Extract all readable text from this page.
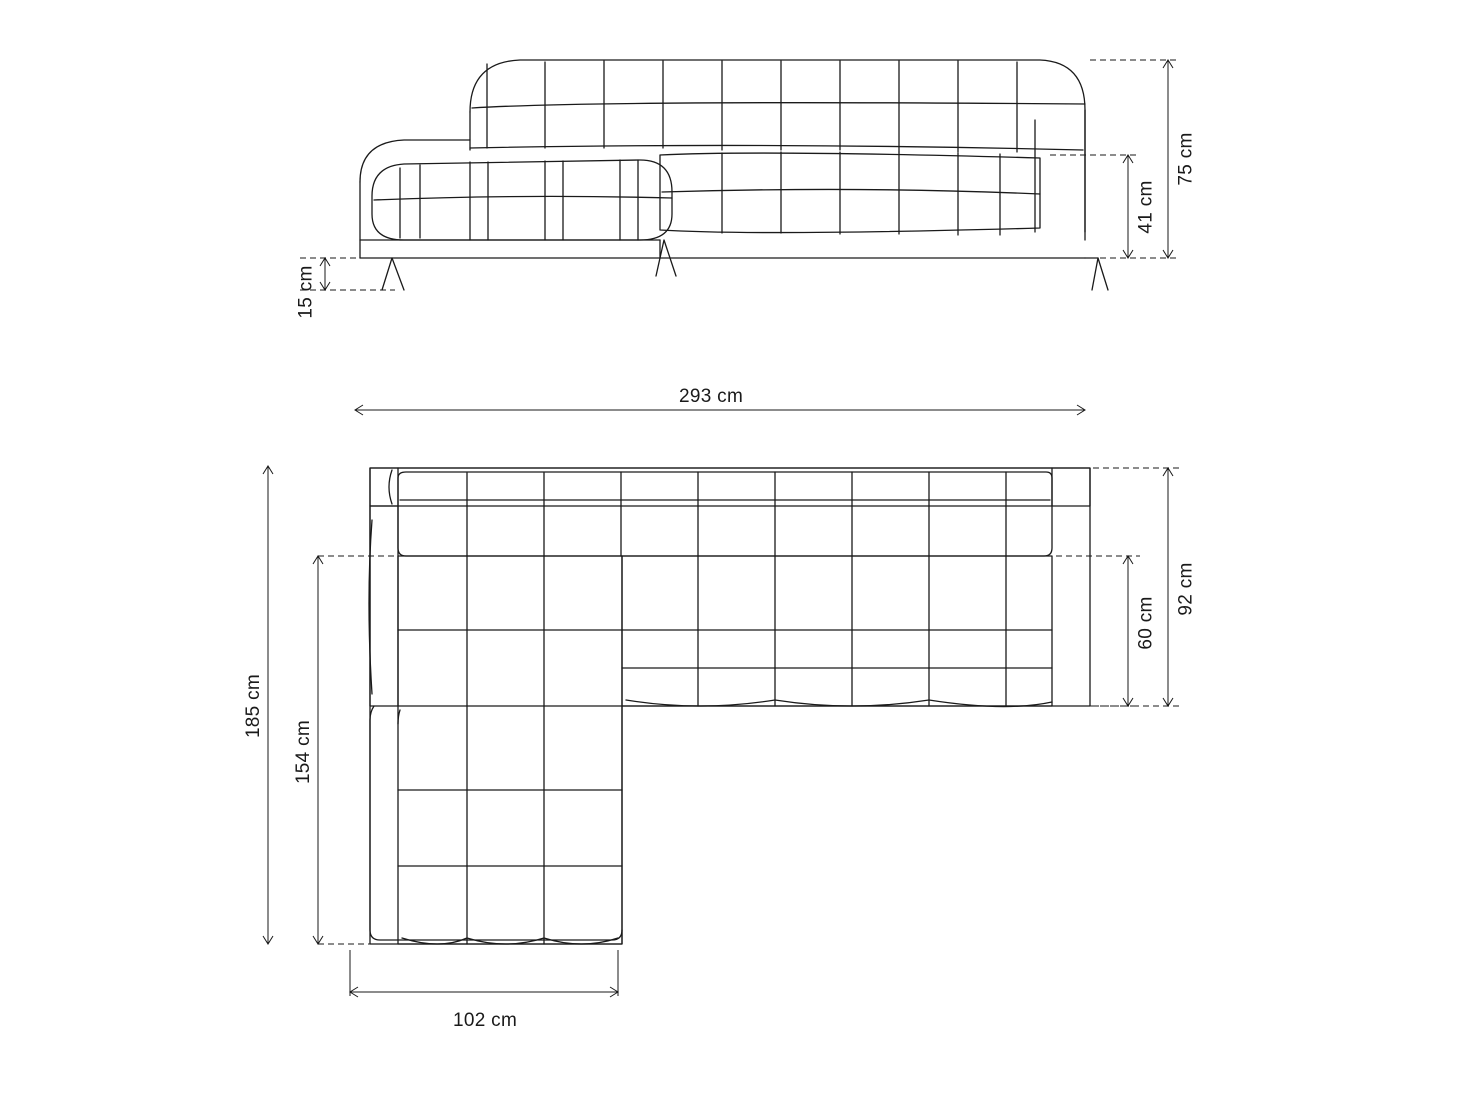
75 cm
41 cm
15 cm
293 cm
185 cm
154 cm
92 cm
60 cm
102 cm
